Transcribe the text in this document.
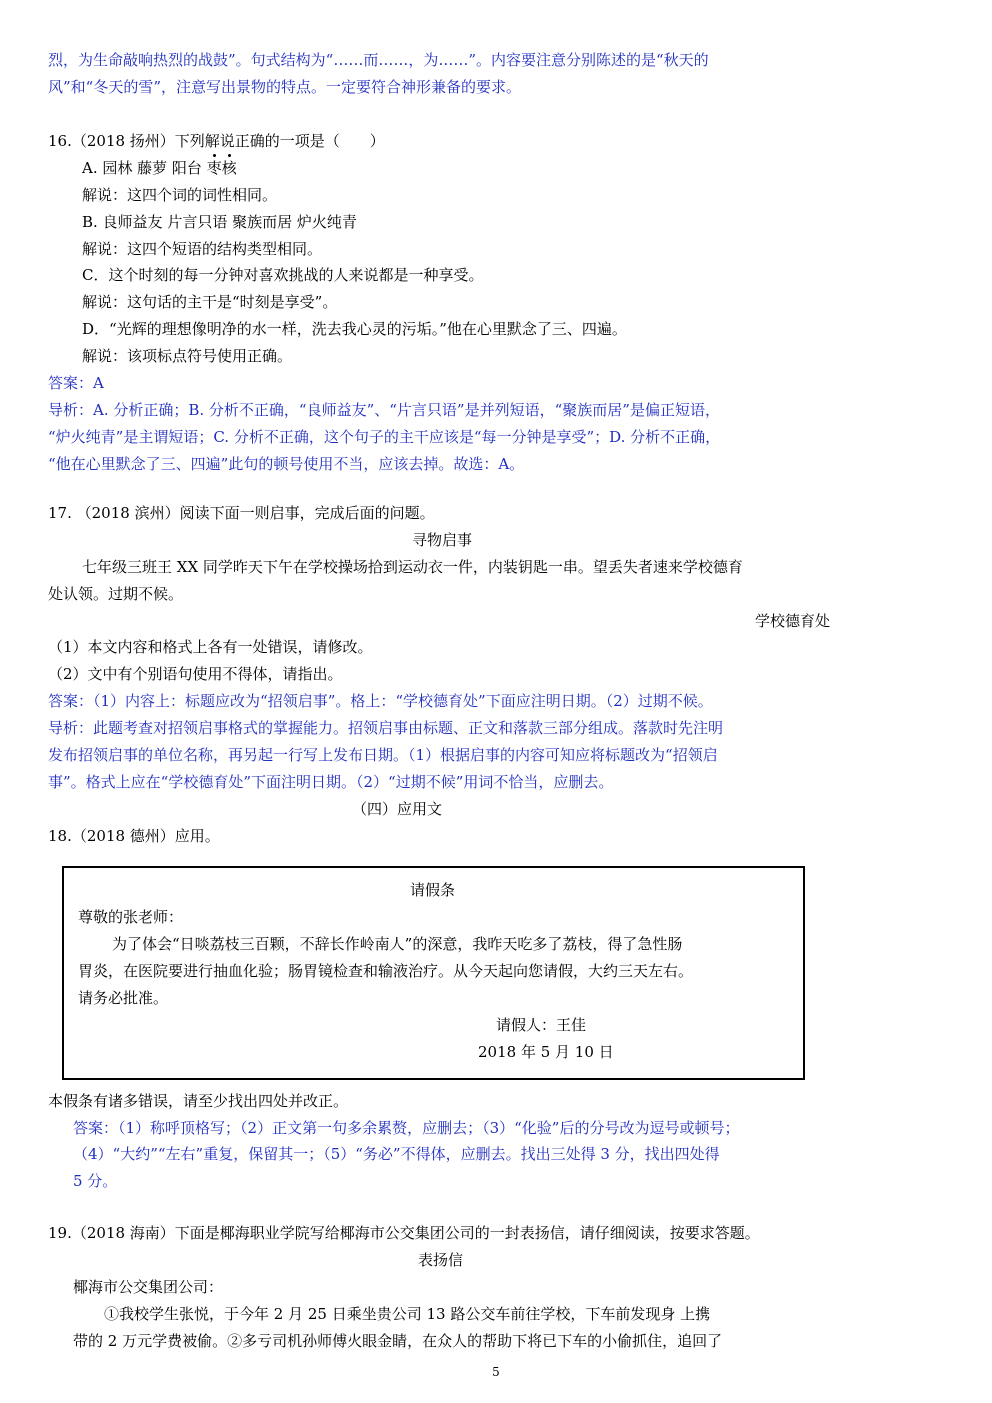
烈，为生命敲响热烈的战鼓”。句式结构为“……而……，为……”。内容要注意分别陈述的是“秋天的
风”和“冬天的雪”，注意写出景物的特点。一定要符合神形兼备的要求。
16.（2018 扬州）下列解说正确的一项是（　　）
A. 园林 藤萝 阳台 枣核
解说：这四个词的词性相同。
B. 良师益友 片言只语 聚族而居 炉火纯青
解说：这四个短语的结构类型相同。
C．这个时刻的每一分钟对喜欢挑战的人来说都是一种享受。
解说：这句话的主干是“时刻是享受”。
D．“光辉的理想像明净的水一样，洗去我心灵的污垢。”他在心里默念了三、四遍。
解说：该项标点符号使用正确。
答案：A
导析：A. 分析正确；B. 分析不正确，“良师益友”、“片言只语”是并列短语，“聚族而居”是偏正短语，
“炉火纯青”是主谓短语；C. 分析不正确，这个句子的主干应该是“每一分钟是享受”；D. 分析不正确，
“他在心里默念了三、四遍”此句的顿号使用不当，应该去掉。故选：A。
17. （2018 滨州）阅读下面一则启事，完成后面的问题。
寻物启事
七年级三班王 XX 同学昨天下午在学校操场拾到运动衣一件，内装钥匙一串。望丢失者速来学校德育
处认领。过期不候。
学校德育处
（1）本文内容和格式上各有一处错误，请修改。
（2）文中有个别语句使用不得体，请指出。
答案：（1）内容上：标题应改为“招领启事”。格上：“学校德育处”下面应注明日期。（2）过期不候。
导析：此题考查对招领启事格式的掌握能力。招领启事由标题、正文和落款三部分组成。落款时先注明
发布招领启事的单位名称，再另起一行写上发布日期。（1）根据启事的内容可知应将标题改为“招领启
事”。格式上应在“学校德育处”下面注明日期。（2）“过期不候”用词不恰当，应删去。
（四）应用文
18.（2018 德州）应用。
请假条
尊敬的张老师：
为了体会“日啖荔枝三百颗，不辞长作岭南人”的深意，我昨天吃多了荔枝，得了急性肠
胃炎，在医院要进行抽血化验；肠胃镜检查和输液治疗。从今天起向您请假，大约三天左右。
请务必批准。
请假人：王佳
2018 年 5 月 10 日
本假条有诸多错误，请至少找出四处并改正。
答案：（1）称呼顶格写；（2）正文第一句多余累赘，应删去；（3）“化验”后的分号改为逗号或顿号；
（4）“大约”“左右”重复，保留其一；（5）“务必”不得体，应删去。找出三处得 3 分，找出四处得
5 分。
19.（2018 海南）下面是椰海职业学院写给椰海市公交集团公司的一封表扬信，请仔细阅读，按要求答题。
表扬信
椰海市公交集团公司：
①我校学生张悦，于今年 2 月 25 日乘坐贵公司 13 路公交车前往学校，下车前发现身 上携
带的 2 万元学费被偷。②多亏司机孙师傅火眼金睛，在众人的帮助下将已下车的小偷抓住，追回了
5
